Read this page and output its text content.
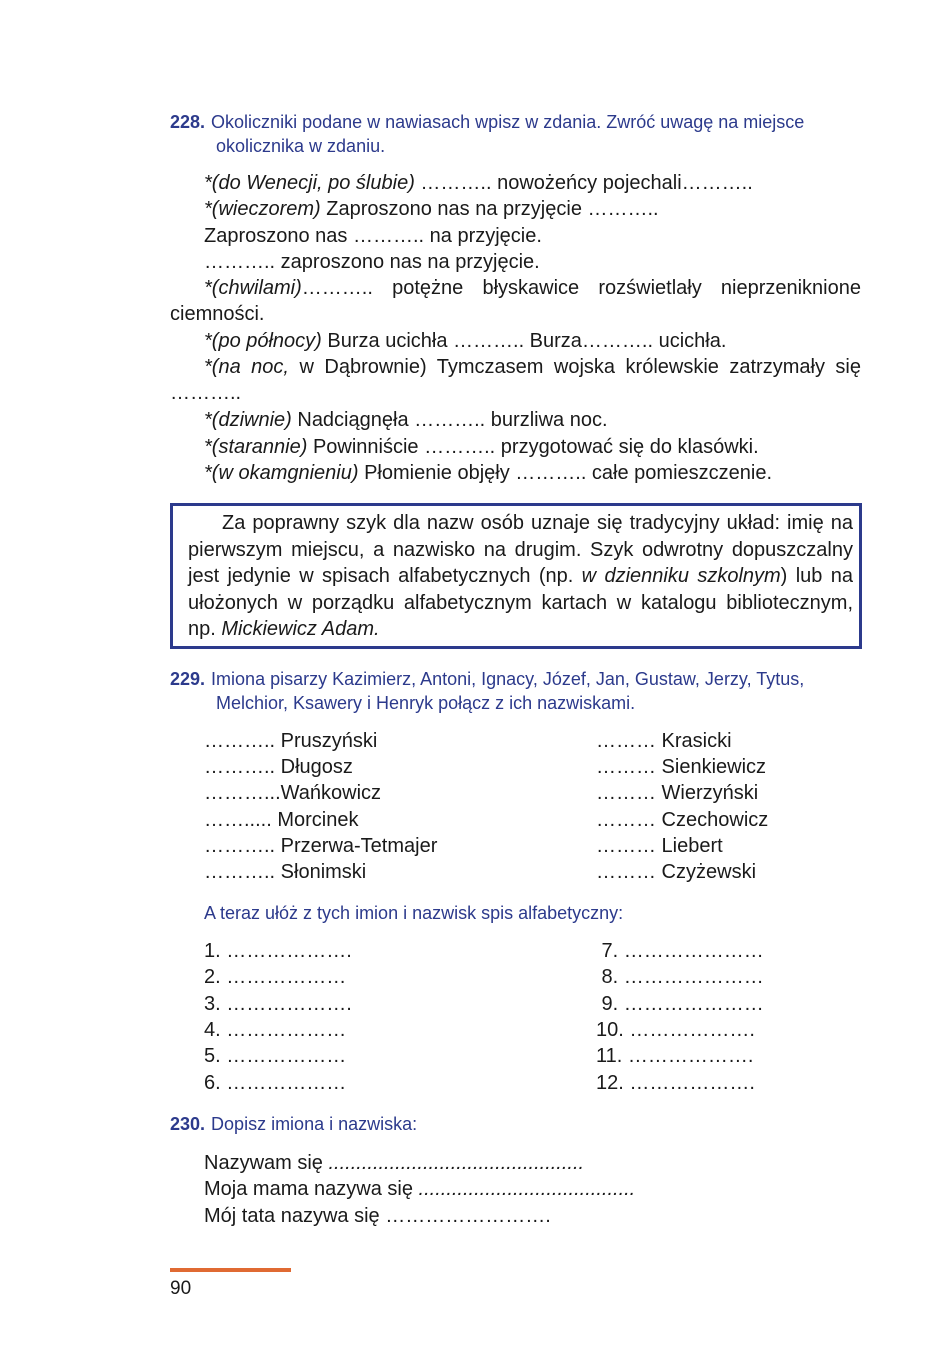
228. Okoliczniki podane w nawiasach wpisz w zdania. Zwróć uwagę na miejsce
okolicznika w zdaniu.
*(do Wenecji, po ślubie) ……….. nowożeńcy pojechali………..
*(wieczorem) Zaproszono nas na przyjęcie ………..
Zaproszono nas ……….. na przyjęcie.
……….. zaproszono nas na przyjęcie.
*(chwilami)……….. potężne błyskawice rozświetlały nieprzeniknione ciemności.
*(po północy) Burza ucichła ……….. Burza……….. ucichła.
*(na noc, w Dąbrownie) Tymczasem wojska królewskie zatrzymały się ………..
*(dziwnie) Nadciągnęła ……….. burzliwa noc.
*(starannie) Powinniście ……….. przygotować się do klasówki.
*(w okamgnieniu) Płomienie objęły ……….. całe pomieszczenie.
Za poprawny szyk dla nazw osób uznaje się tradycyjny układ: imię na pierwszym miejscu, a nazwisko na drugim. Szyk odwrotny dopuszczalny jest jedynie w spisach alfabetycznych (np. w dzienniku szkolnym) lub na ułożonych w porządku alfabetycznym kartach w katalogu bibliotecznym, np. Mickiewicz Adam.
229. Imiona pisarzy Kazimierz, Antoni, Ignacy, Józef, Jan, Gustaw, Jerzy, Tytus,
Melchior, Ksawery i Henryk połącz z ich nazwiskami.
……….. Pruszyński
……….. Długosz
………...Wańkowicz
……..... Morcinek
……….. Przerwa-Tetmajer
……….. Słonimski
……… Krasicki
……… Sienkiewicz
……… Wierzyński
……… Czechowicz
……… Liebert
……… Czyżewski
A teraz ułóż z tych imion i nazwisk spis alfabetyczny:
1. ……………….
2. ………………
3. ……………….
4. ………………
5. ………………
6. ………………
7. …………………
8. …………………
9. …………………
10. ……………….
11. ……………….
12. ……………….
230. Dopisz imiona i nazwiska:
Nazywam się ..............................................
Moja mama nazywa się .......................................
Mój tata nazywa się …………………….
90
